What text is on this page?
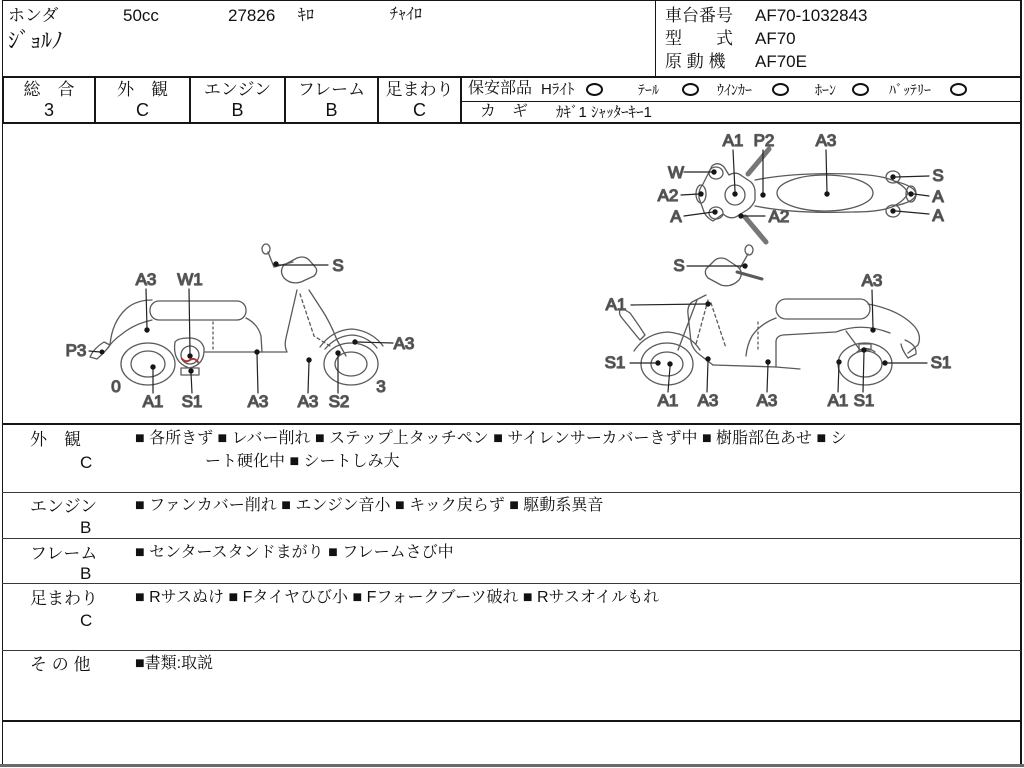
ホンダ	50cc	27826 ｷﾛ	ﾁｬｲﾛ
ｼﾞｮﾙﾉ
車台番号 AF70-1032843
型　　式 AF70
原 動 機 AF70E
総　合
3
外　観
C
エンジン
B
フレーム
B
足まわり
C
保安部品 Hﾗｲﾄ	ﾃｰﾙ	ｳｲﾝｶｰ	ﾎｰﾝ	ﾊﾞｯﾃﾘｰ
カ　ギ ｶｷﾞ1 ｼｬｯﾀｰｷｰ1
A1 P2 A3
W
A2
A	A2
S
A
A
S
A3 W1
P3
A1 S1	A3 A3 S2
A3
0	3
S
A1
A3
S1	S1
A1 A3 A3	A1 S1
外　観
C
■ 各所きず ■ レバー削れ ■ ステップ上タッチペン ■ サイレンサーカバーきず中 ■ 樹脂部色あせ ■ シ
ート硬化中 ■ シートしみ大
エンジン
B
■ ファンカバー削れ ■ エンジン音小 ■ キック戻らず ■ 駆動系異音
フレーム
B
■ センタースタンドまがり ■ フレームさび中
足まわり
C
■ Rサスぬけ ■ Fタイヤひび小 ■ Fフォークブーツ破れ ■ Rサスオイルもれ
そ の 他	■書類:取説
